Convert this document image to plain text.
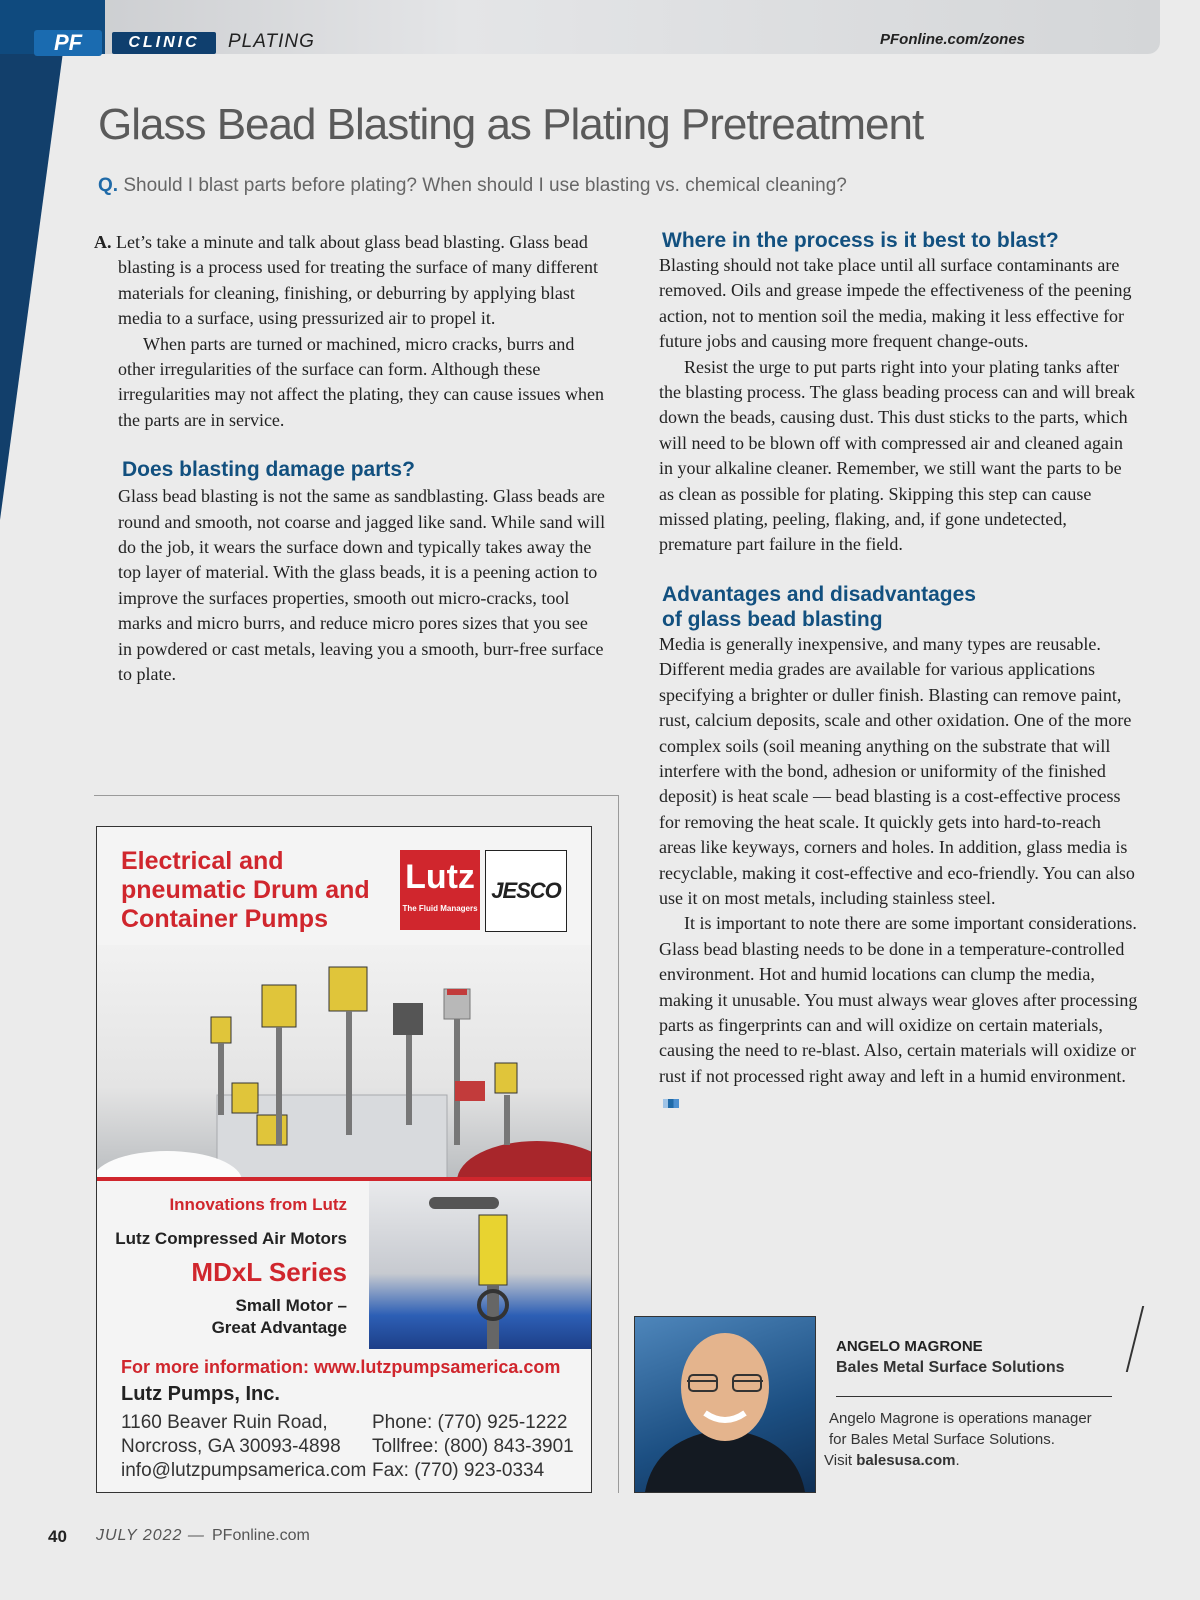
PF	CLINIC	PLATING	PFonline.com/zones
Glass Bead Blasting as Plating Pretreatment
Q. Should I blast parts before plating? When should I use blasting vs. chemical cleaning?

A. Let’s take a minute and talk about glass bead blasting. Glass bead blasting is a process used for treating the surface of many different materials for cleaning, finishing, or deburring by applying blast media to a surface, using pressurized air to propel it.

When parts are turned or machined, micro cracks, burrs and other irregularities of the surface can form. Although these irregularities may not affect the plating, they can cause issues when the parts are in service.

Does blasting damage parts?

Glass bead blasting is not the same as sandblasting. Glass beads are round and smooth, not coarse and jagged like sand. While sand will do the job, it wears the surface down and typically takes away the top layer of material. With the glass beads, it is a peening action to improve the surfaces properties, smooth out micro-cracks, tool marks and micro burrs, and reduce micro pores sizes that you see in powdered or cast metals, leaving you a smooth, burr-free surface to plate.

Where in the process is it best to blast?

Blasting should not take place until all surface contaminants are removed. Oils and grease impede the effectiveness of the peening action, not to mention soil the media, making it less effective for future jobs and causing more frequent change-outs.

Resist the urge to put parts right into your plating tanks after the blasting process. The glass beading process can and will break down the beads, causing dust. This dust sticks to the parts, which will need to be blown off with compressed air and cleaned again in your alkaline cleaner. Remember, we still want the parts to be as clean as possible for plating. Skipping this step can cause missed plating, peeling, flaking, and, if gone undetected, premature part failure in the field.

Advantages and disadvantages
of glass bead blasting

Media is generally inexpensive, and many types are reusable. Different media grades are available for various applications specifying a brighter or duller finish. Blasting can remove paint, rust, calcium deposits, scale and other oxidation. One of the more complex soils (soil meaning anything on the substrate that will interfere with the bond, adhesion or uniformity of the finished deposit) is heat scale — bead blasting is a cost-effective process for removing the heat scale. It quickly gets into hard-to-reach areas like keyways, corners and holes. In addition, glass media is recyclable, making it cost-effective and eco-friendly. You can also use it on most metals, including stainless steel.

It is important to note there are some important considerations. Glass bead blasting needs to be done in a temperature-controlled environment. Hot and humid locations can clump the media, making it unusable. You must always wear gloves after processing parts as fingerprints can and will oxidize on certain materials, causing the need to re-blast. Also, certain materials will oxidize or rust if not processed right away and left in a humid environment.

Electrical and
pneumatic Drum and
Container Pumps
Lutz
The Fluid Managers
JESCO
Innovations from Lutz
Lutz Compressed Air Motors
MDxL Series
Small Motor –
Great Advantage
For more information: www.lutzpumpsamerica.com
Lutz Pumps, Inc.
1160 Beaver Ruin Road,
Norcross, GA 30093-4898
info@lutzpumpsamerica.com
Phone: (770) 925-1222
Tollfree: (800) 843-3901
Fax: (770) 923-0334
ANGELO MAGRONE
Bales Metal Surface Solutions
Angelo Magrone is operations manager
for Bales Metal Surface Solutions.
Visit balesusa.com.
40 JULY 2022 — PFonline.com
